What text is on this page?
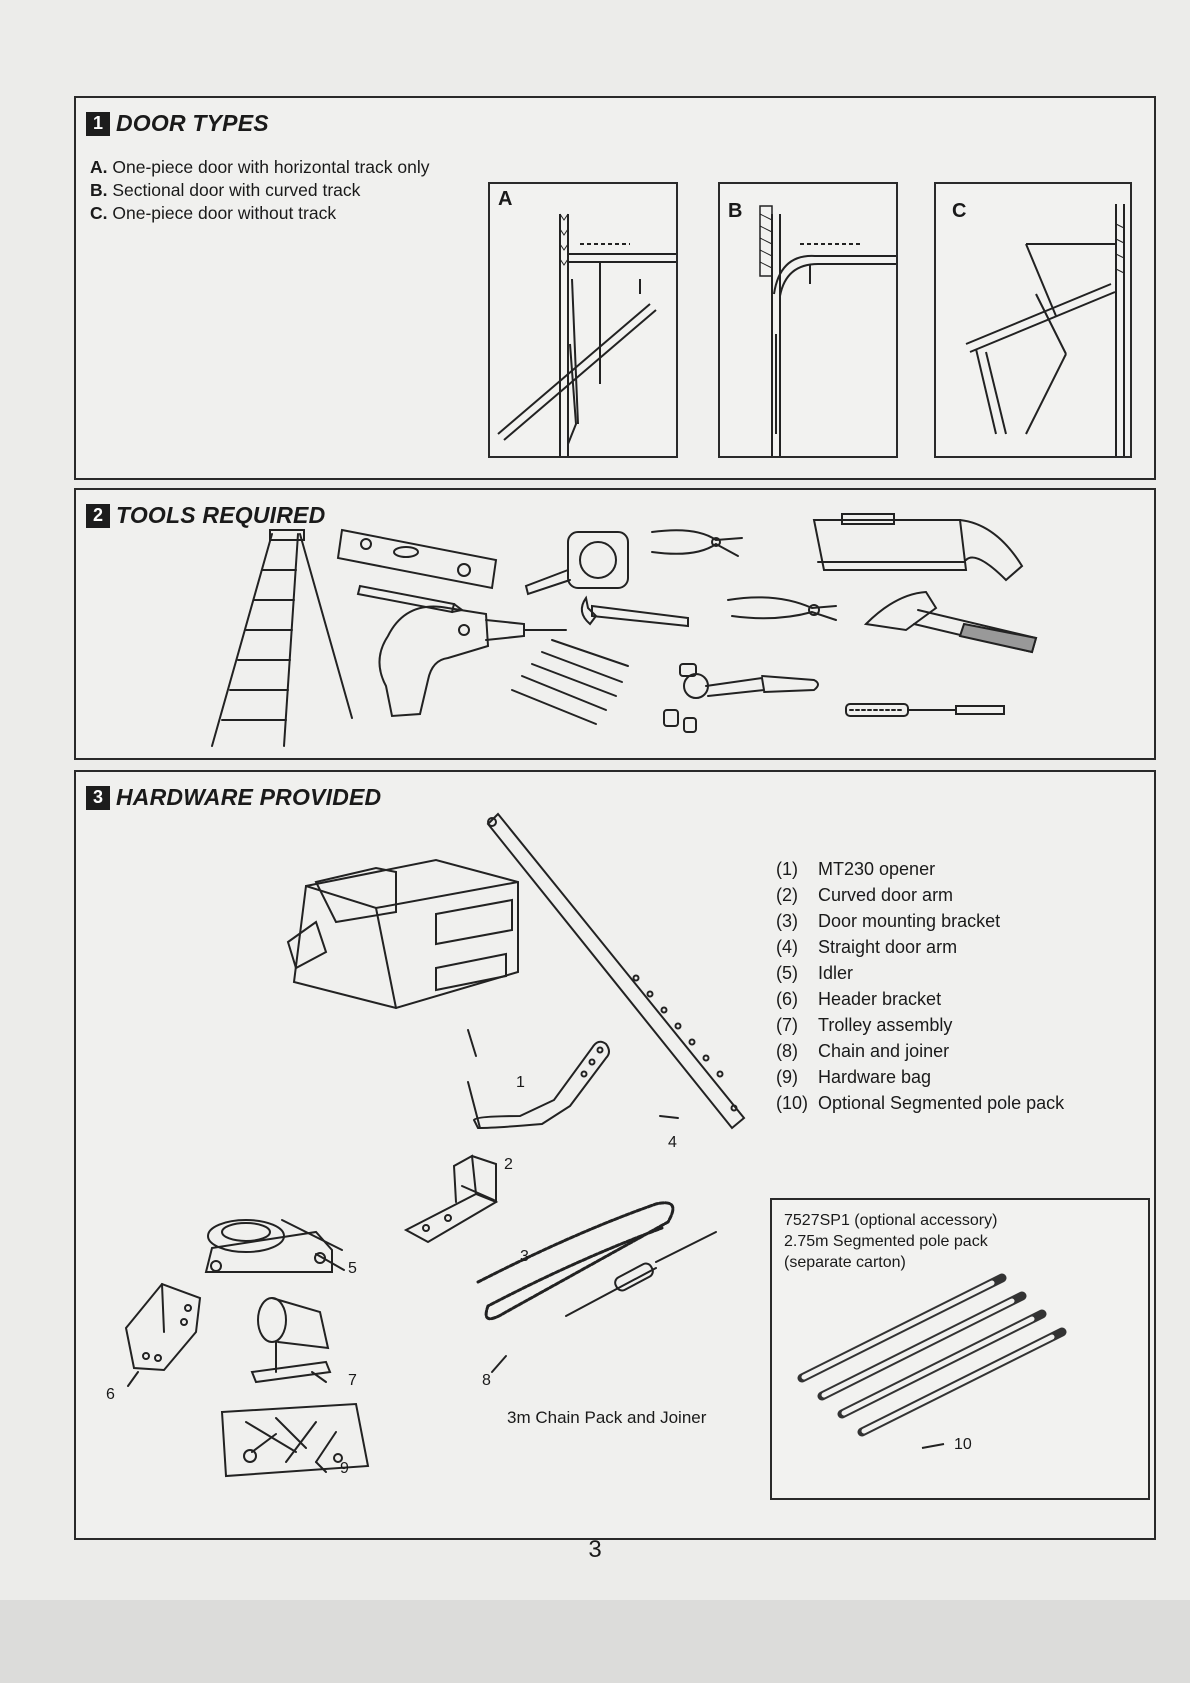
1 DOOR TYPES
A. One-piece door with horizontal track only
B. Sectional door with curved track
C. One-piece door without track
A
B	C
2 TOOLS REQUIRED
3 HARDWARE PROVIDED
1
2
3
4
5
6
7	8
9
3m Chain Pack and Joiner
(1)	MT230 opener
(2)	Curved door arm
(3)	Door mounting bracket
(4)	Straight door arm
(5)	Idler
(6)	Header bracket
(7)	Trolley assembly
(8)	Chain and joiner
(9)	Hardware bag
(10) Optional Segmented pole pack
7527SP1 (optional accessory)
2.75m Segmented pole pack
(separate carton)
10
3
